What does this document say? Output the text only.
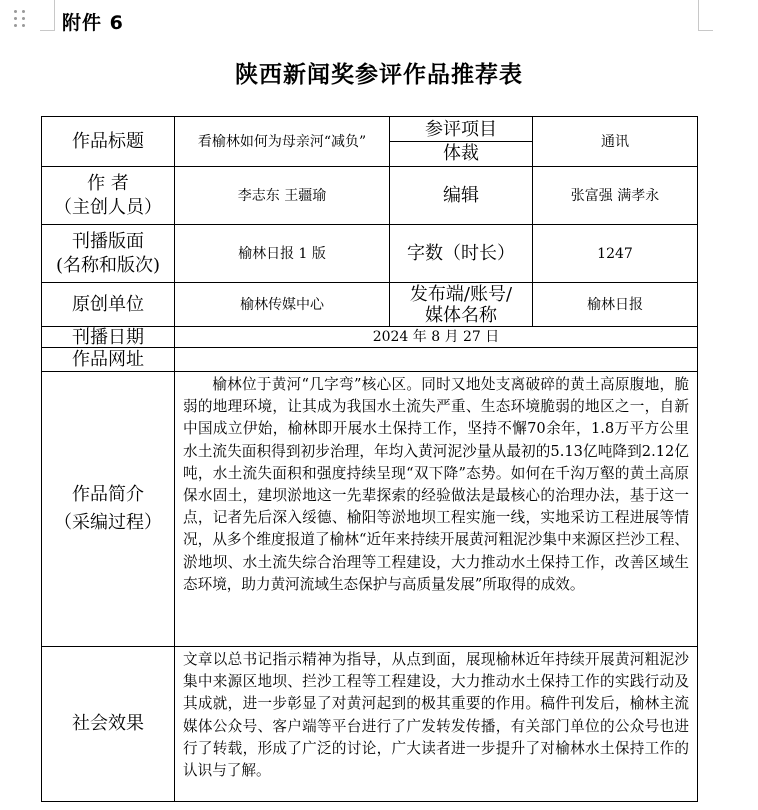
附件 6
陕西新闻奖参评作品推荐表
作品标题	看榆林如何为母亲河“减负”	参评项目
体裁	通讯

作 者
（主创人员）	李志东 王疆瑜	编辑	张富强 满孝永

刊播版面
(名称和版次)	榆林日报 1 版	字数（时长）	1247
原创单位	榆林传媒中心	发布端/账号/
媒体名称	榆林日报
刊播日期	2024 年 8 月 27 日		
作品网址			

作品简介
（采编过程）	榆林位于黄河“几字弯”核心区。同时又地处支离破碎的黄土高原腹地，脆弱的地理环境，让其成为我国水土流失严重、生态环境脆弱的地区之一，自新中国成立伊始，榆林即开展水土保持工作，坚持不懈70余年，1.8万平方公里水土流失面积得到初步治理，年均入黄河泥沙量从最初的5.13亿吨降到2.12亿吨，水土流失面积和强度持续呈现“双下降”态势。如何在千沟万壑的黄土高原保水固土，建坝淤地这一先辈探索的经验做法是最核心的治理办法，基于这一点，记者先后深入绥德、榆阳等淤地坝工程实施一线，实地采访工程进展等情况，从多个维度报道了榆林“近年来持续开展黄河粗泥沙集中来源区拦沙工程、淤地坝、水土流失综合治理等工程建设，大力推动水土保持工作，改善区域生态环境，助力黄河流域生态保护与高质量发展”所取得的成效。		
社会效果	文章以总书记指示精神为指导，从点到面，展现榆林近年持续开展黄河粗泥沙集中来源区地坝、拦沙工程等工程建设，大力推动水土保持工作的实践行动及其成就，进一步彰显了对黄河起到的极其重要的作用。稿件刊发后，榆林主流媒体公众号、客户端等平台进行了广发转发传播，有关部门单位的公众号也进行了转载，形成了广泛的讨论，广大读者进一步提升了对榆林水土保持工作的认识与了解。		
